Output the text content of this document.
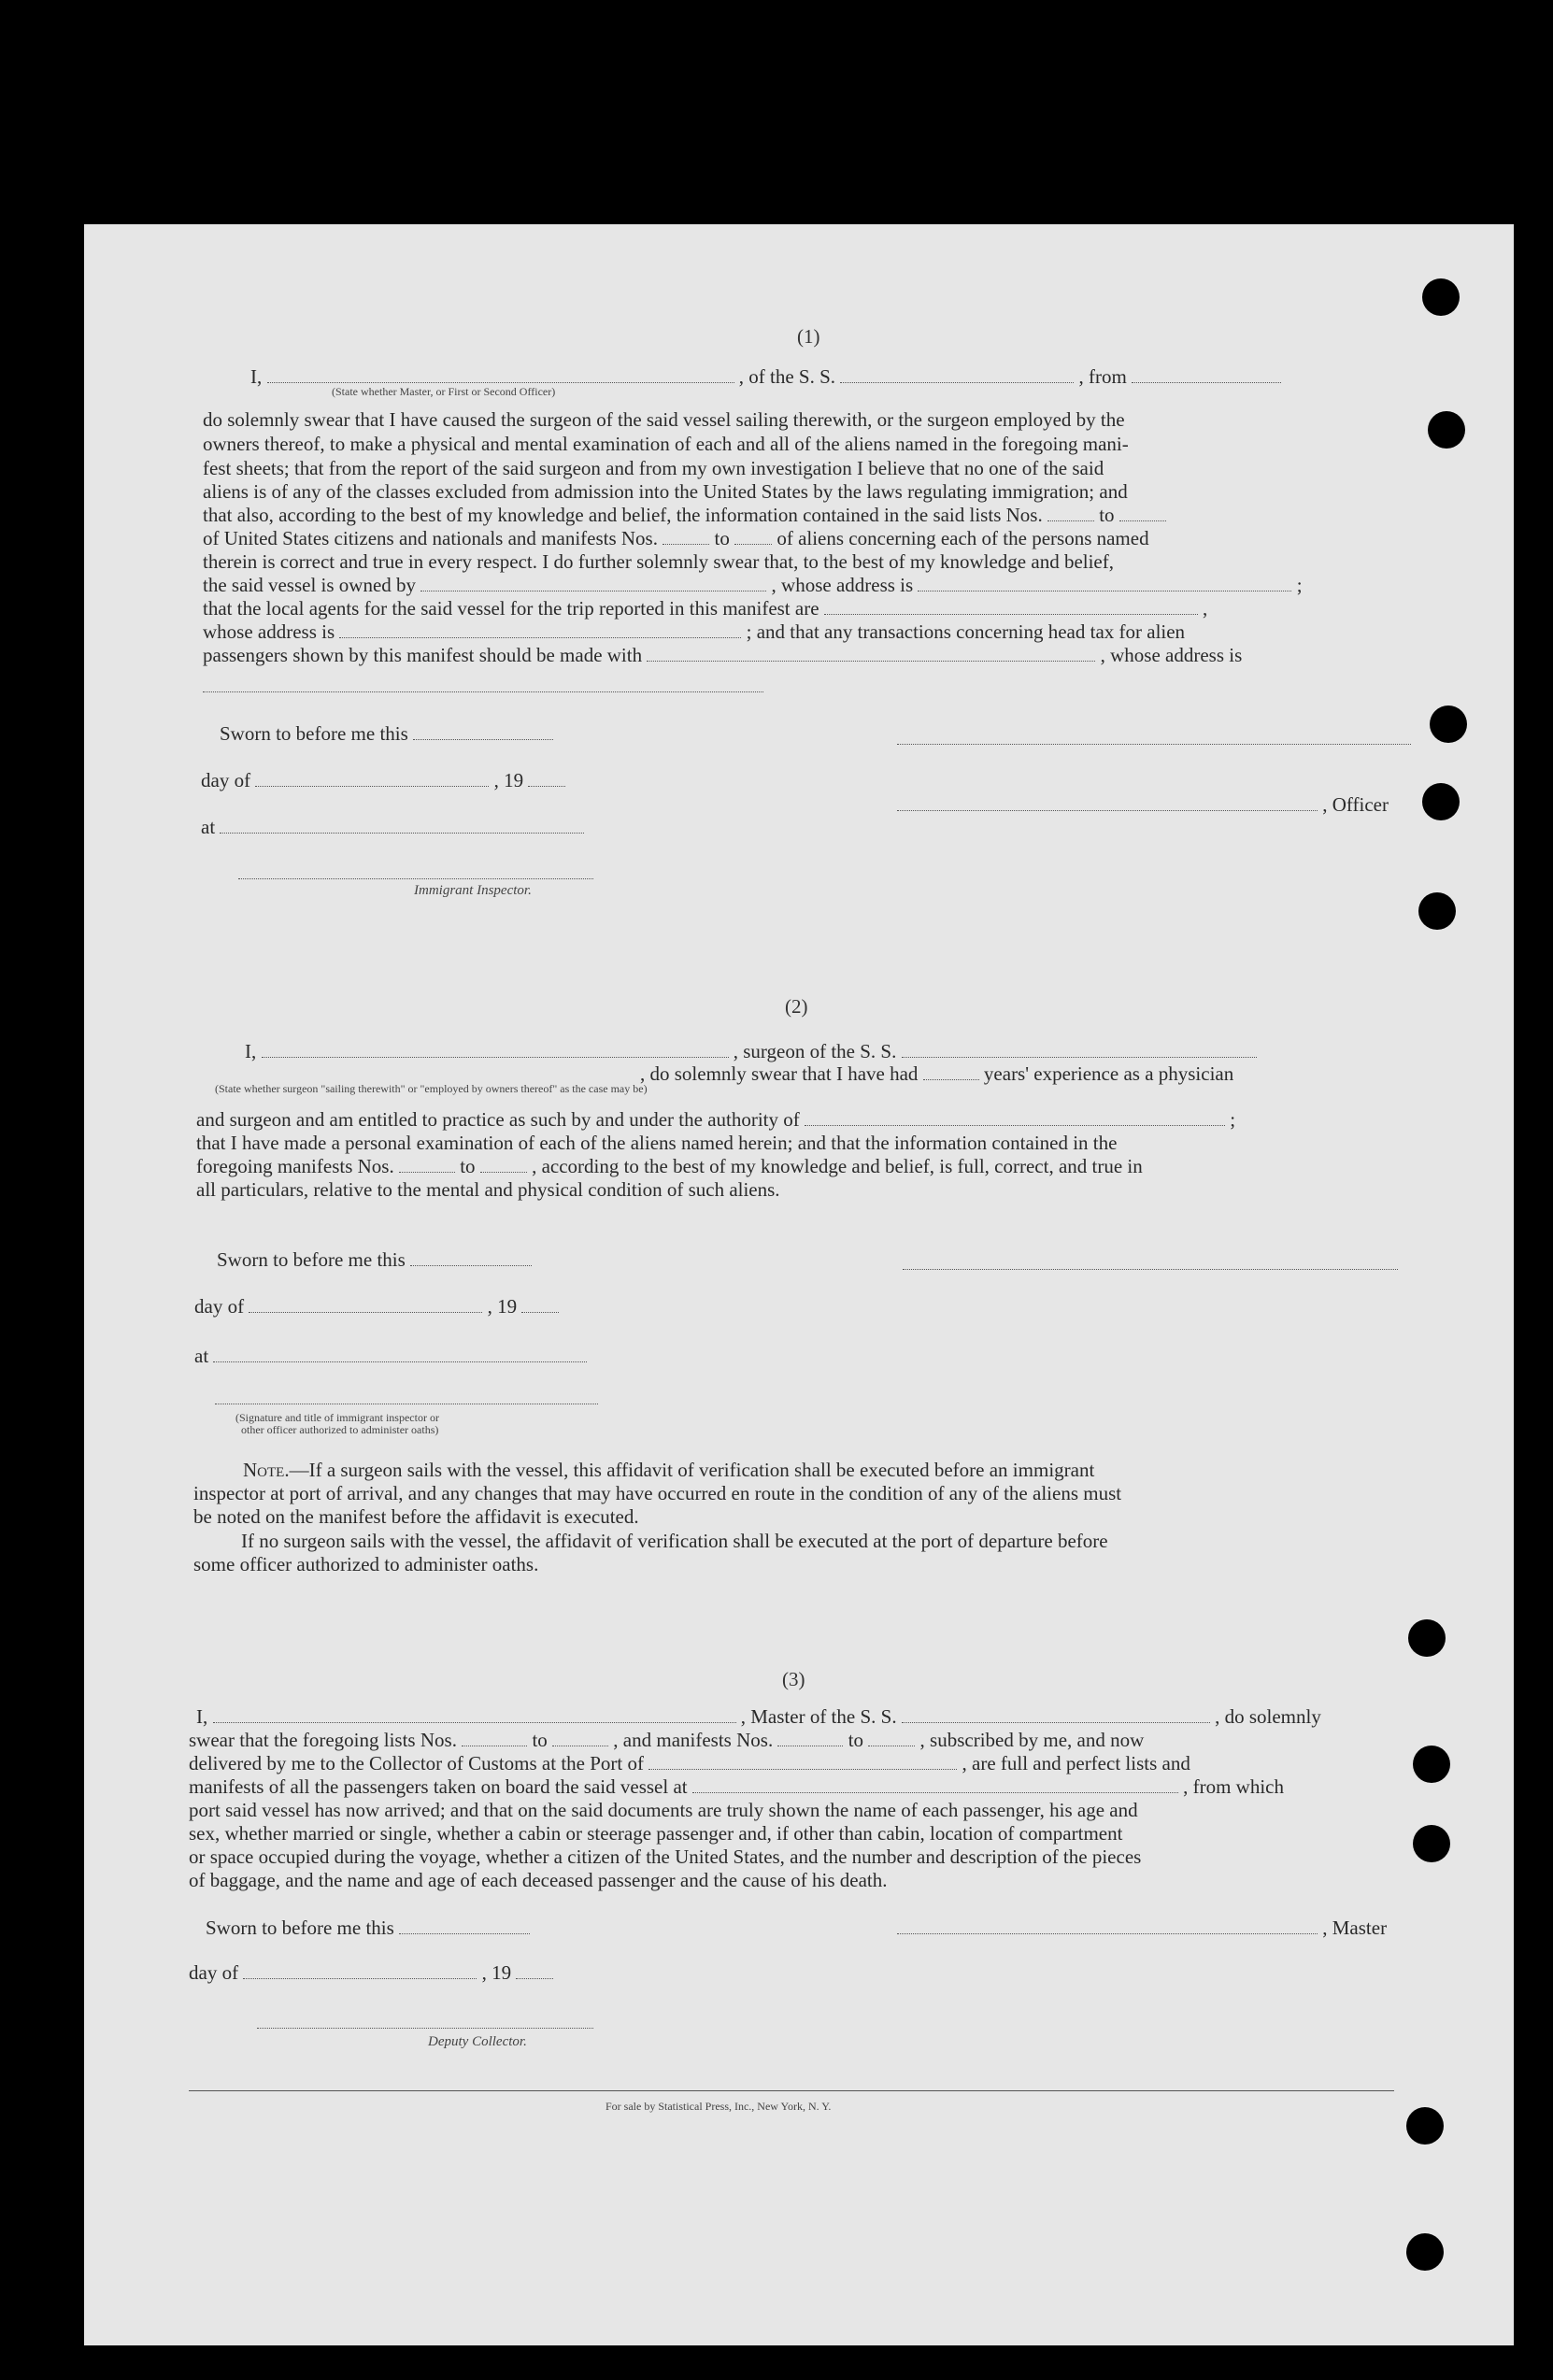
(1)
I,	, of the S. S.	, from
(State whether Master, or First or Second Officer)
do solemnly swear that I have caused the surgeon of the said vessel sailing therewith, or the surgeon employed by the
owners thereof, to make a physical and mental examination of each and all of the aliens named in the foregoing mani-
fest sheets; that from the report of the said surgeon and from my own investigation I believe that no one of the said
aliens is of any of the classes excluded from admission into the United States by the laws regulating immigration; and
that also, according to the best of my knowledge and belief, the information contained in the said lists Nos.	to
of United States citizens and nationals and manifests Nos.	to of aliens concerning each of the persons named
therein is correct and true in every respect. I do further solemnly swear that, to the best of my knowledge and belief,
the said vessel is owned by	, whose address is	;
that the local agents for the said vessel for the trip reported in this manifest are	,
whose address is	; and that any transactions concerning head tax for alien
passengers shown by this manifest should be made with	, whose address is
Sworn to before me this
day of	, 19
, Officer
at
Immigrant Inspector.
(2)
I,	, surgeon of the S. S.
, do solemnly swear that I have had	years' experience as a physician
(State whether surgeon "sailing therewith" or "employed by owners thereof" as the case may be)
and surgeon and am entitled to practice as such by and under the authority of	;
that I have made a personal examination of each of the aliens named herein; and that the information contained in the
foregoing manifests Nos.	to	, according to the best of my knowledge and belief, is full, correct, and true in
all particulars, relative to the mental and physical condition of such aliens.
Sworn to before me this
day of	, 19
at
(Signature and title of immigrant inspector or
other officer authorized to administer oaths)
Note.—If a surgeon sails with the vessel, this affidavit of verification shall be executed before an immigrant
inspector at port of arrival, and any changes that may have occurred en route in the condition of any of the aliens must
be noted on the manifest before the affidavit is executed.
If no surgeon sails with the vessel, the affidavit of verification shall be executed at the port of departure before
some officer authorized to administer oaths.
(3)
I,	, Master of the S. S.	, do solemnly
swear that the foregoing lists Nos.	to	, and manifests Nos.	to	, subscribed by me, and now
delivered by me to the Collector of Customs at the Port of	, are full and perfect lists and
manifests of all the passengers taken on board the said vessel at	, from which
port said vessel has now arrived; and that on the said documents are truly shown the name of each passenger, his age and
sex, whether married or single, whether a cabin or steerage passenger and, if other than cabin, location of compartment
or space occupied during the voyage, whether a citizen of the United States, and the number and description of the pieces
of baggage, and the name and age of each deceased passenger and the cause of his death.
Sworn to before me this	, Master
day of	, 19
Deputy Collector.
For sale by Statistical Press, Inc., New York, N. Y.
